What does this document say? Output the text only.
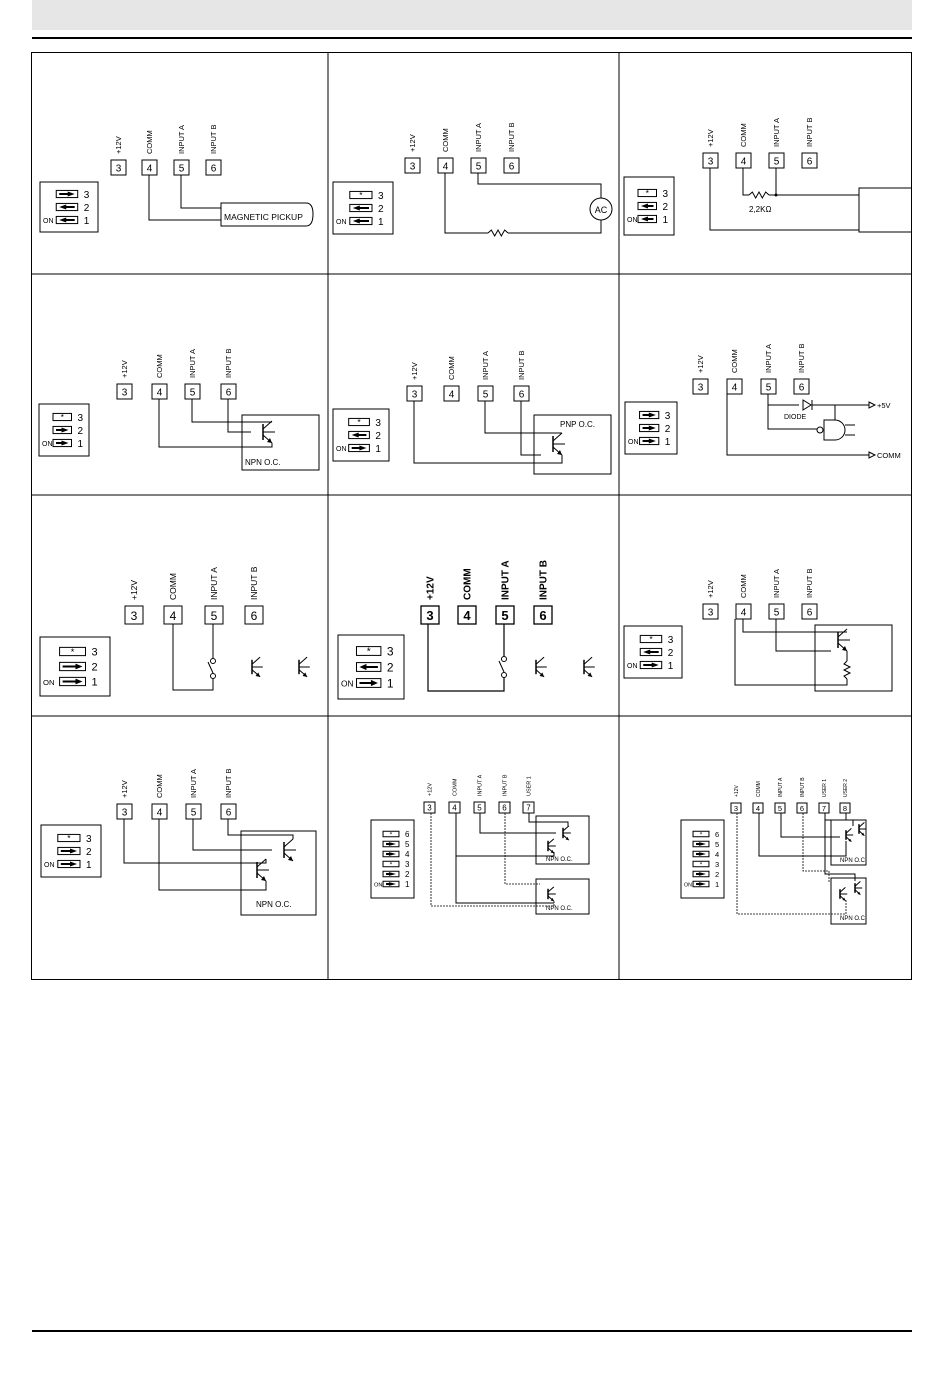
3
+12V
4
COMM
5
INPUT A
6
INPUT B
3
2
1
ON	MAGNETIC PICKUP
3
+12V
4
COMM
5
INPUT A
6
INPUT B
* 3
2
1
ON
AC
3
+12V
4
COMM
5
INPUT A
6
INPUT B
* 3
2
1
ON
2,2KΩ
3
+12V
4
COMM
5
INPUT A
6
INPUT B
* 3
2
1
ON
NPN O.C.
3
+12V
4
COMM
5
INPUT A
6
INPUT B
* 3
2
1
ON
PNP O.C.
3
+12V
4
COMM
5
INPUT A
6
INPUT B
3
2
1
ON
+5V
DIODE
COMM
3
+12V
4
COMM
5
INPUT A
6
INPUT B
* 3
2
1
ON
3
+12V
4
COMM
5
INPUT A
6
INPUT B
* 3
2
1
ON
3
+12V
4
COMM
5
INPUT A
6
INPUT B
* 3
2
1
ON
3
+12V
4
COMM
5
INPUT A
6
INPUT B
* 3
2
1
ON
NPN O.C.
3
+12V
4
COMM
5
INPUT A
6
INPUT B
7
USER 1
* 6
5
4
* 3
2
1
ON
NPN O.C.
NPN O.C.
3
+12V
4
COMM
5
INPUT A
6
INPUT B
7
USER 1
8
USER 2
* 6
5
4
* 3
2
1
ON
NPN O.C.
NPN O.C.
